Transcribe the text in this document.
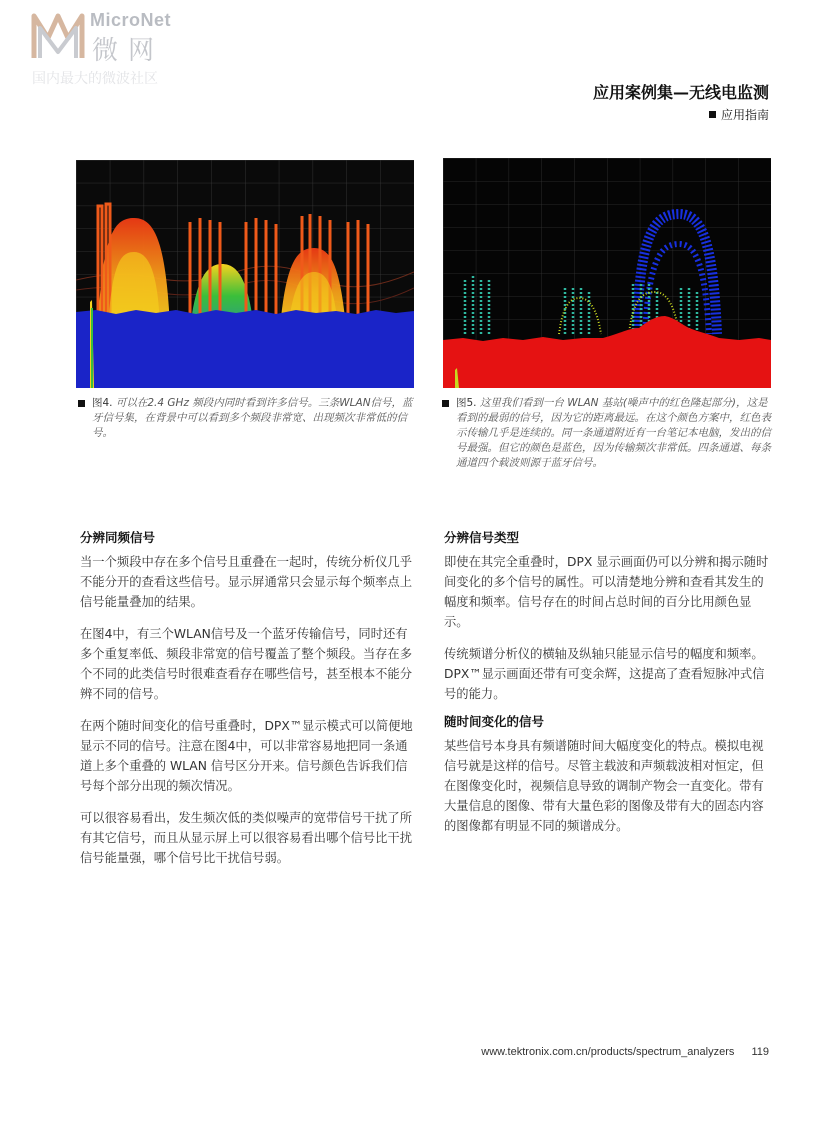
MicroNet
微网
国内最大的微波社区
应用案例集—无线电监测
应用指南
图4. 可以在2.4 GHz 频段内同时看到许多信号。三条WLAN信号，蓝牙信号集，在背景中可以看到多个频段非常宽、出现频次非常低的信号。
图5. 这里我们看到一台 WLAN 基站(噪声中的红色隆起部分)，这是看到的最弱的信号，因为它的距离最远。在这个颜色方案中，红色表示传输几乎是连续的。同一条通道附近有一台笔记本电脑，发出的信号最强。但它的颜色是蓝色，因为传输频次非常低。四条通道、每条通道四个载波则源于蓝牙信号。
分辨同频信号

当一个频段中存在多个信号且重叠在一起时，传统分析仪几乎不能分开的查看这些信号。显示屏通常只会显示每个频率点上信号能量叠加的结果。

在图4中，有三个WLAN信号及一个蓝牙传输信号，同时还有多个重复率低、频段非常宽的信号覆盖了整个频段。当存在多个不同的此类信号时很难查看存在哪些信号，甚至根本不能分辨不同的信号。

在两个随时间变化的信号重叠时，DPX™显示模式可以简便地显示不同的信号。注意在图4中，可以非常容易地把同一条通道上多个重叠的 WLAN 信号区分开来。信号颜色告诉我们信号每个部分出现的频次情况。

可以很容易看出，发生频次低的类似噪声的宽带信号干扰了所有其它信号，而且从显示屏上可以很容易看出哪个信号比干扰信号能量强，哪个信号比干扰信号弱。

分辨信号类型

即使在其完全重叠时，DPX 显示画面仍可以分辨和揭示随时间变化的多个信号的属性。可以清楚地分辨和查看其发生的幅度和频率。信号存在的时间占总时间的百分比用颜色显示。

传统频谱分析仪的横轴及纵轴只能显示信号的幅度和频率。DPX™显示画面还带有可变余辉，这提高了查看短脉冲式信号的能力。

随时间变化的信号

某些信号本身具有频谱随时间大幅度变化的特点。模拟电视信号就是这样的信号。尽管主载波和声频载波相对恒定，但在图像变化时，视频信息导致的调制产物会一直变化。带有大量信息的图像、带有大量色彩的图像及带有大的固态内容的图像都有明显不同的频谱成分。

www.tektronix.com.cn/products/spectrum_analyzers 119
